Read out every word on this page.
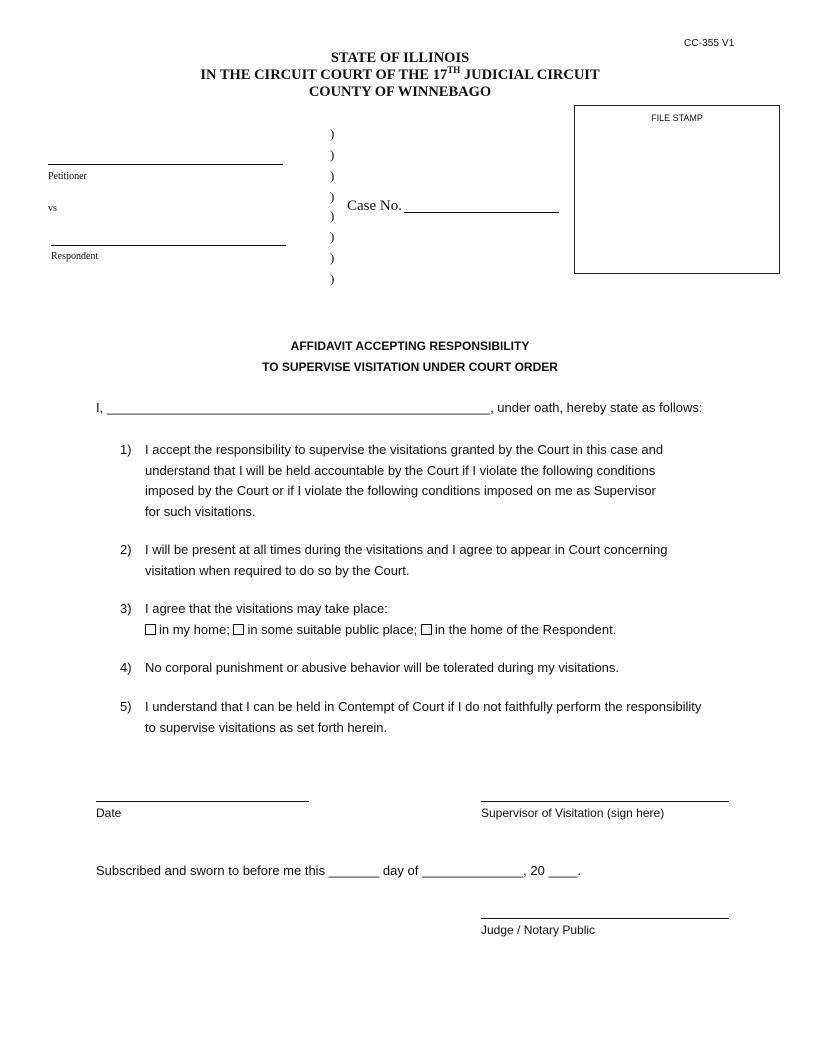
CC-355 V1
STATE OF ILLINOIS
IN THE CIRCUIT COURT OF THE 17TH JUDICIAL CIRCUIT
COUNTY OF WINNEBAGO
Petitioner
vs
Respondent
)
)
)
)
)
)
)
)
Case No.
FILE STAMP
AFFIDAVIT ACCEPTING RESPONSIBILITY
TO SUPERVISE VISITATION UNDER COURT ORDER
I, _____________________________________________________, under oath, hereby state as follows:
1) I accept the responsibility to supervise the visitations granted by the Court in this case and
understand that I will be held accountable by the Court if I violate the following conditions
imposed by the Court or if I violate the following conditions imposed on me as Supervisor
for such visitations.
2) I will be present at all times during the visitations and I agree to appear in Court concerning
visitation when required to do so by the Court.
3) I agree that the visitations may take place:
in my home; in some suitable public place; in the home of the Respondent.
4) No corporal punishment or abusive behavior will be tolerated during my visitations.
5) I understand that I can be held in Contempt of Court if I do not faithfully perform the responsibility
to supervise visitations as set forth herein.
Date	Supervisor of Visitation (sign here)
Subscribed and sworn to before me this _______ day of ______________, 20 ____.
Judge / Notary Public
